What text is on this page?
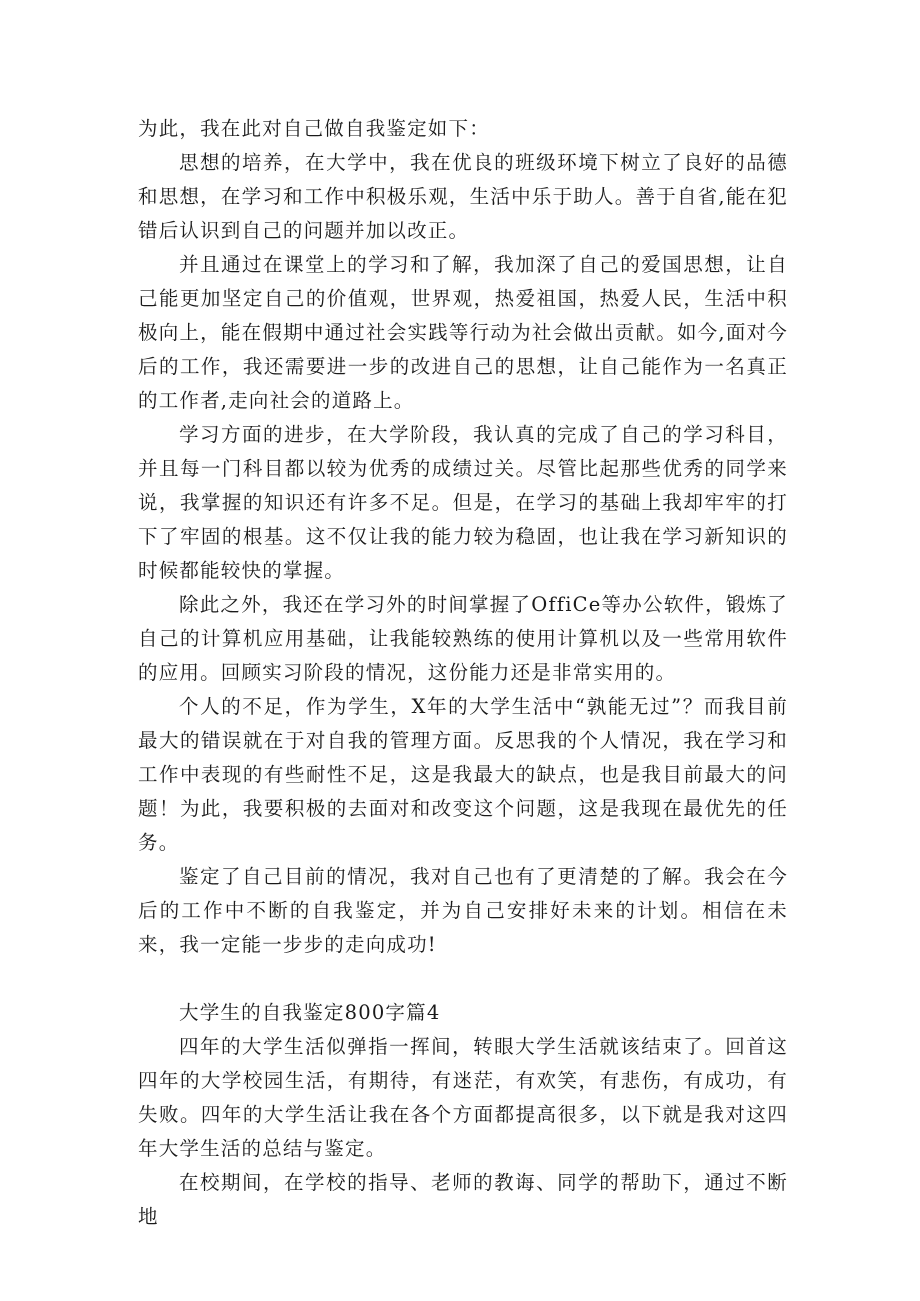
为此，我在此对自己做自我鉴定如下：

思想的培养，在大学中，我在优良的班级环境下树立了良好的品德和思想，在学习和工作中积极乐观，生活中乐于助人。善于自省,能在犯错后认识到自己的问题并加以改正。

并且通过在课堂上的学习和了解，我加深了自己的爱国思想，让自己能更加坚定自己的价值观，世界观，热爱祖国，热爱人民，生活中积极向上，能在假期中通过社会实践等行动为社会做出贡献。如今,面对今后的工作，我还需要进一步的改进自己的思想，让自己能作为一名真正的工作者,走向社会的道路上。

学习方面的进步，在大学阶段，我认真的完成了自己的学习科目，并且每一门科目都以较为优秀的成绩过关。尽管比起那些优秀的同学来说，我掌握的知识还有许多不足。但是，在学习的基础上我却牢牢的打下了牢固的根基。这不仅让我的能力较为稳固，也让我在学习新知识的时候都能较快的掌握。

除此之外，我还在学习外的时间掌握了OffiCe等办公软件，锻炼了自己的计算机应用基础，让我能较熟练的使用计算机以及一些常用软件的应用。回顾实习阶段的情况，这份能力还是非常实用的。

个人的不足，作为学生，X年的大学生活中“孰能无过”？而我目前最大的错误就在于对自我的管理方面。反思我的个人情况，我在学习和工作中表现的有些耐性不足，这是我最大的缺点，也是我目前最大的问题！为此，我要积极的去面对和改变这个问题，这是我现在最优先的任务。

鉴定了自己目前的情况，我对自己也有了更清楚的了解。我会在今后的工作中不断的自我鉴定，并为自己安排好未来的计划。相信在未来，我一定能一步步的走向成功!

大学生的自我鉴定800字篇4

四年的大学生活似弹指一挥间，转眼大学生活就该结束了。回首这四年的大学校园生活，有期待，有迷茫，有欢笑，有悲伤，有成功，有失败。四年的大学生活让我在各个方面都提高很多，以下就是我对这四年大学生活的总结与鉴定。

在校期间，在学校的指导、老师的教诲、同学的帮助下，通过不断地
